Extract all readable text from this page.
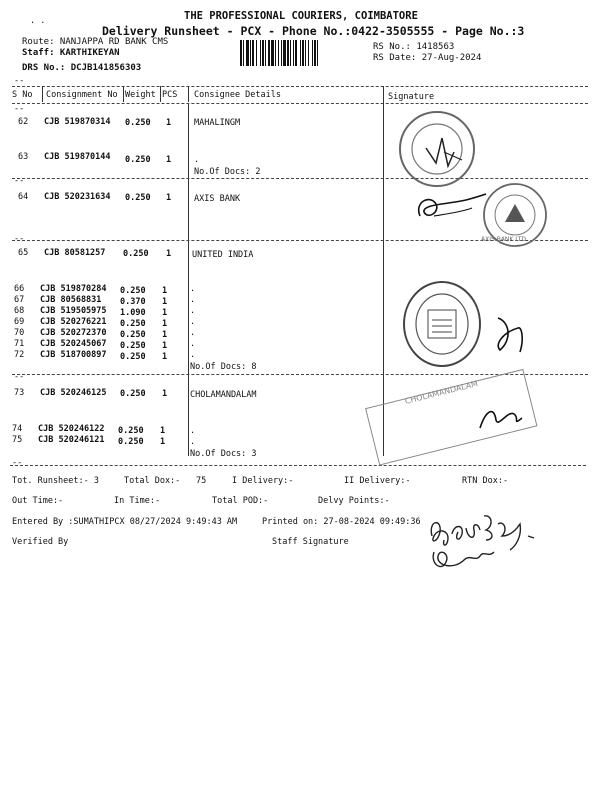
. .	THE PROFESSIONAL COURIERS, COIMBATORE
Delivery Runsheet - PCX - Phone No.:0422-3505555 - Page No.:3
Route: NANJAPPA RD BANK CMS
Staff: KARTHIKEYAN
DRS No.: DCJB141856303
RS No.: 1418563
RS Date: 27-Aug-2024
--
S No Consignment No Weight PCS Consignee Details	Signature
--
62 CJB 519870314 0.250 1	MAHALINGM
63 CJB 519870144 0.250 1	.
No.Of Docs: 2
--
64 CJB 520231634 0.250 1	AXIS BANK
--
65 CJB 80581257 0.250 1 UNITED INDIA
66 CJB 519870284 0.250 1	.
67 CJB 80568831 0.370 1	.
68 CJB 519505975 1.090 1	.
69 CJB 520276221 0.250 1	.
70 CJB 520272370 0.250 1	.
71 CJB 520245067 0.250 1	.
72 CJB 518700897 0.250 1	.
No.Of Docs: 8
--
73 CJB 520246125 0.250 1	CHOLAMANDALAM
74 CJB 520246122 0.250 1	.
75 CJB 520246121 0.250 1	.
No.Of Docs: 3
--
Tot. Runsheet:- 3	Total Dox:- 75	I Delivery:-	II Delivery:-	RTN Dox:-
Out Time:-	In Time:-	Total POD:-	Delvy Points:-
Entered By :SUMATHIPCX 08/27/2024 9:49:43 AM	Printed on: 27-08-2024 09:49:36
Verified By	Staff Signature
AXIS BANK LTD
CHOLAMANDALAM
